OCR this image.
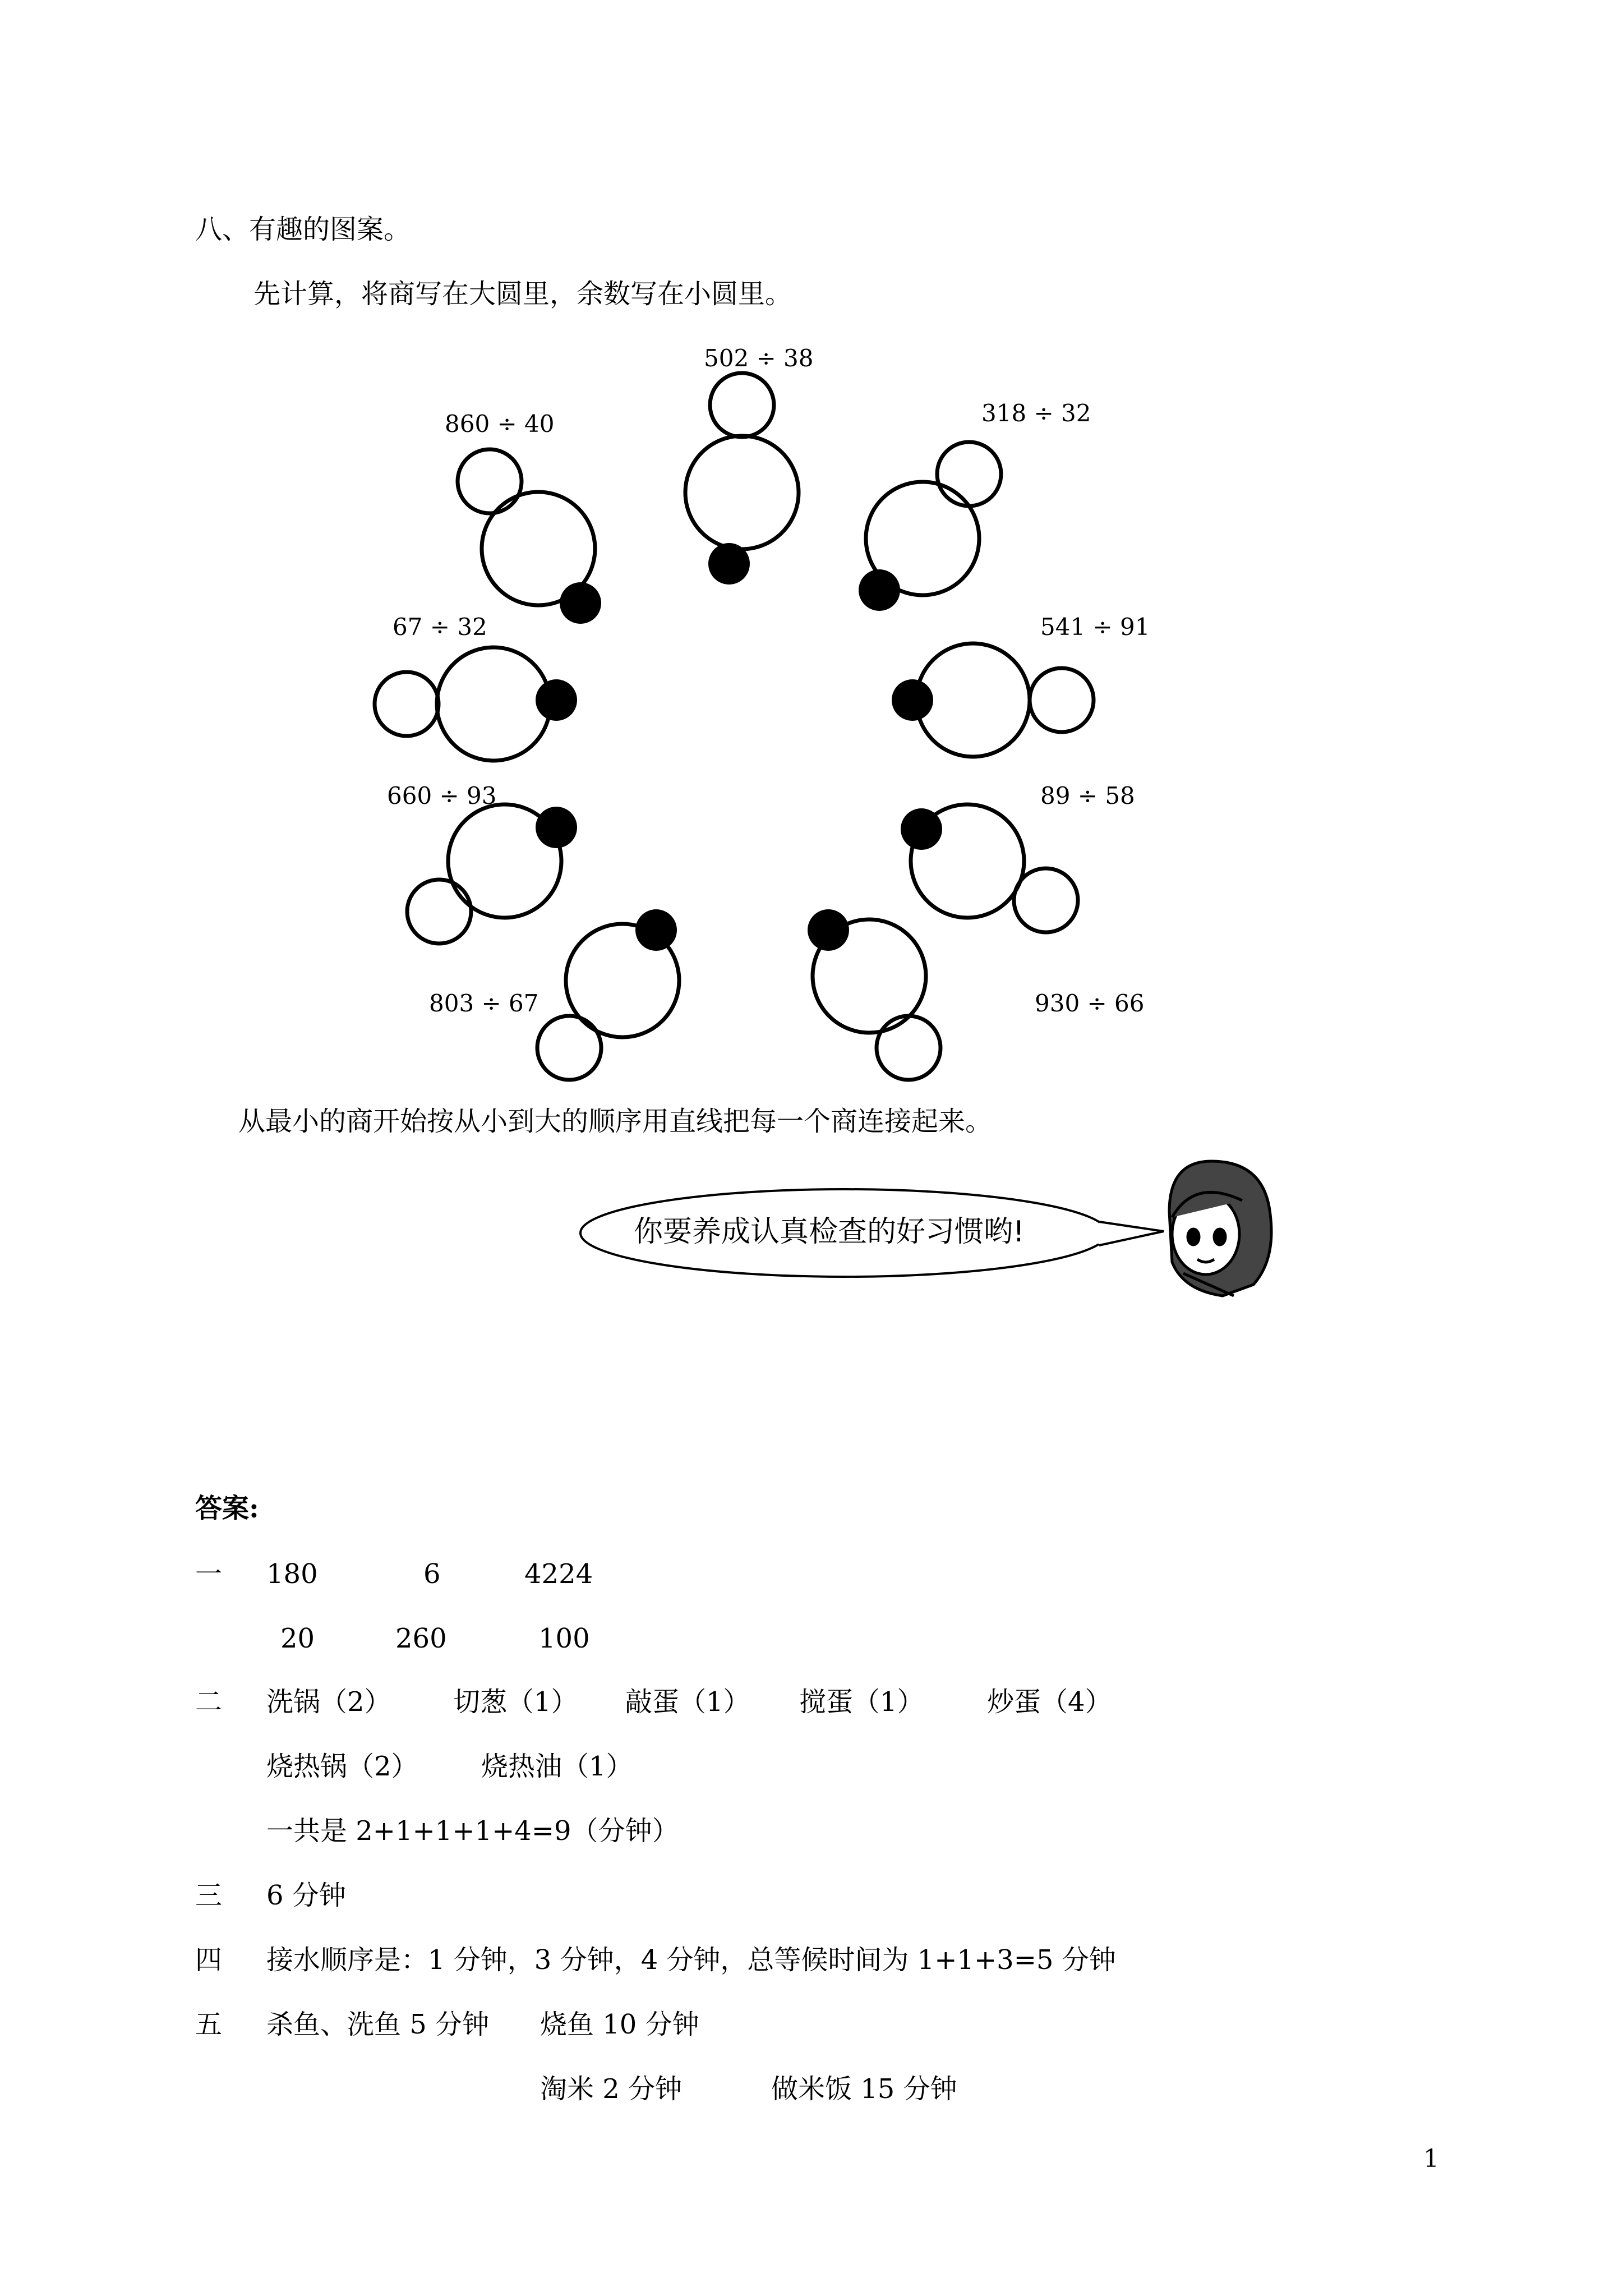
八、有趣的图案。
先计算，将商写在大圆里，余数写在小圆里。
502 ÷ 38
318 ÷ 32
541 ÷ 91
89 ÷ 58
930 ÷ 66
803 ÷ 67
660 ÷ 93
67 ÷ 32
860 ÷ 40
从最小的商开始按从小到大的顺序用直线把每一个商连接起来。
你要养成认真检查的好习惯哟!
答案:
一 180	6	4224
20	260	100
二 洗锅（2） 切葱（1） 敲蛋（1） 搅蛋（1） 炒蛋（4）
烧热锅（2） 烧热油（1）
一共是 2+1+1+1+4=9（分钟）
三 6 分钟
四 接水顺序是：1 分钟，3 分钟，4 分钟，总等候时间为 1+1+3=5 分钟
五 杀鱼、洗鱼 5 分钟 烧鱼 10 分钟
淘米 2 分钟	做米饭 15 分钟
1
